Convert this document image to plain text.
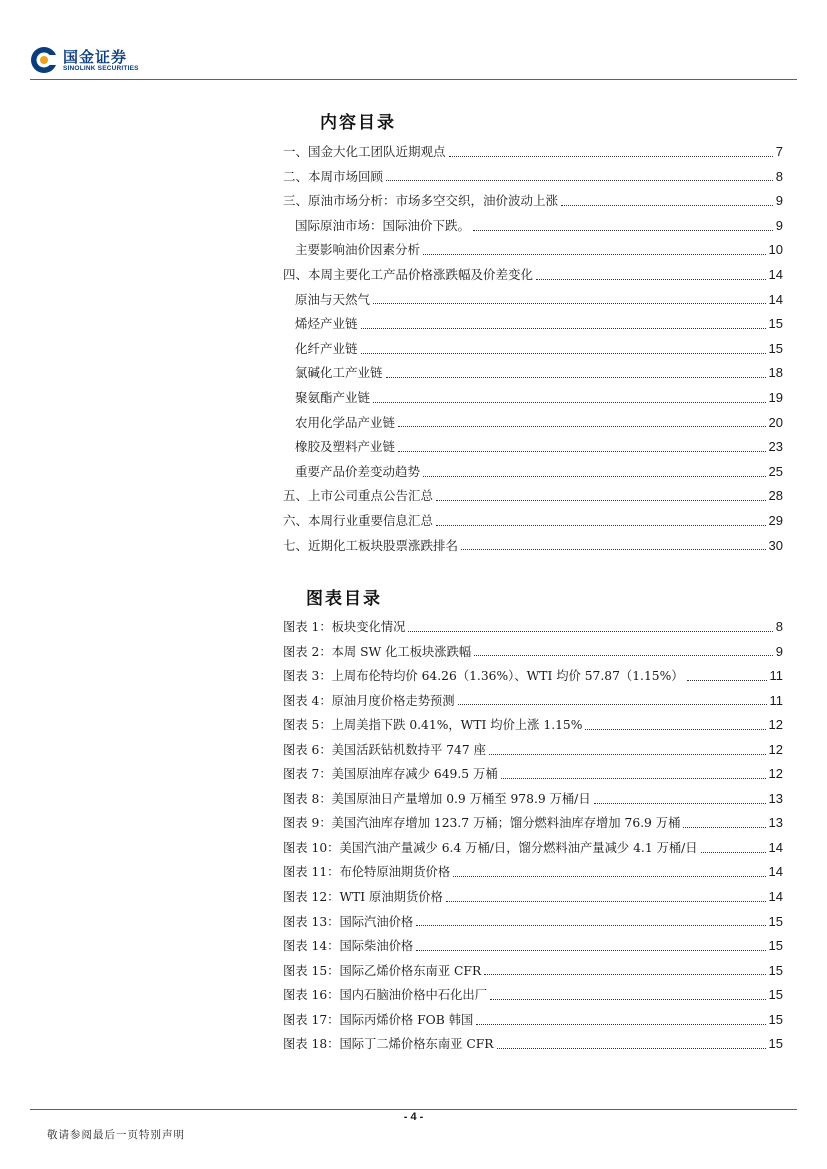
国金证券
SINOLINK SECURITIES
内容目录
一、国金大化工团队近期观点	7
二、本周市场回顾	8
三、原油市场分析：市场多空交织，油价波动上涨	9
国际原油市场：国际油价下跌。	9
主要影响油价因素分析	10
四、本周主要化工产品价格涨跌幅及价差变化	14
原油与天然气	14
烯烃产业链	15
化纤产业链	15
氯碱化工产业链	18
聚氨酯产业链	19
农用化学品产业链	20
橡胶及塑料产业链	23
重要产品价差变动趋势	25
五、上市公司重点公告汇总	28
六、本周行业重要信息汇总	29
七、近期化工板块股票涨跌排名	30
图表目录
图表 1：板块变化情况	8
图表 2：本周 SW 化工板块涨跌幅	9
图表 3：上周布伦特均价 64.26（1.36%）、WTI 均价 57.87（1.15%）	11
图表 4：原油月度价格走势预测	11
图表 5：上周美指下跌 0.41%，WTI 均价上涨 1.15%	12
图表 6：美国活跃钻机数持平 747 座	12
图表 7：美国原油库存减少 649.5 万桶	12
图表 8：美国原油日产量增加 0.9 万桶至 978.9 万桶/日	13
图表 9：美国汽油库存增加 123.7 万桶；馏分燃料油库存增加 76.9 万桶	13
图表 10：美国汽油产量减少 6.4 万桶/日，馏分燃料油产量减少 4.1 万桶/日	14
图表 11：布伦特原油期货价格	14
图表 12：WTI 原油期货价格	14
图表 13：国际汽油价格	15
图表 14：国际柴油价格	15
图表 15：国际乙烯价格东南亚 CFR	15
图表 16：国内石脑油价格中石化出厂	15
图表 17：国际丙烯价格 FOB 韩国	15
图表 18：国际丁二烯价格东南亚 CFR	15
- 4 -
敬请参阅最后一页特别声明
